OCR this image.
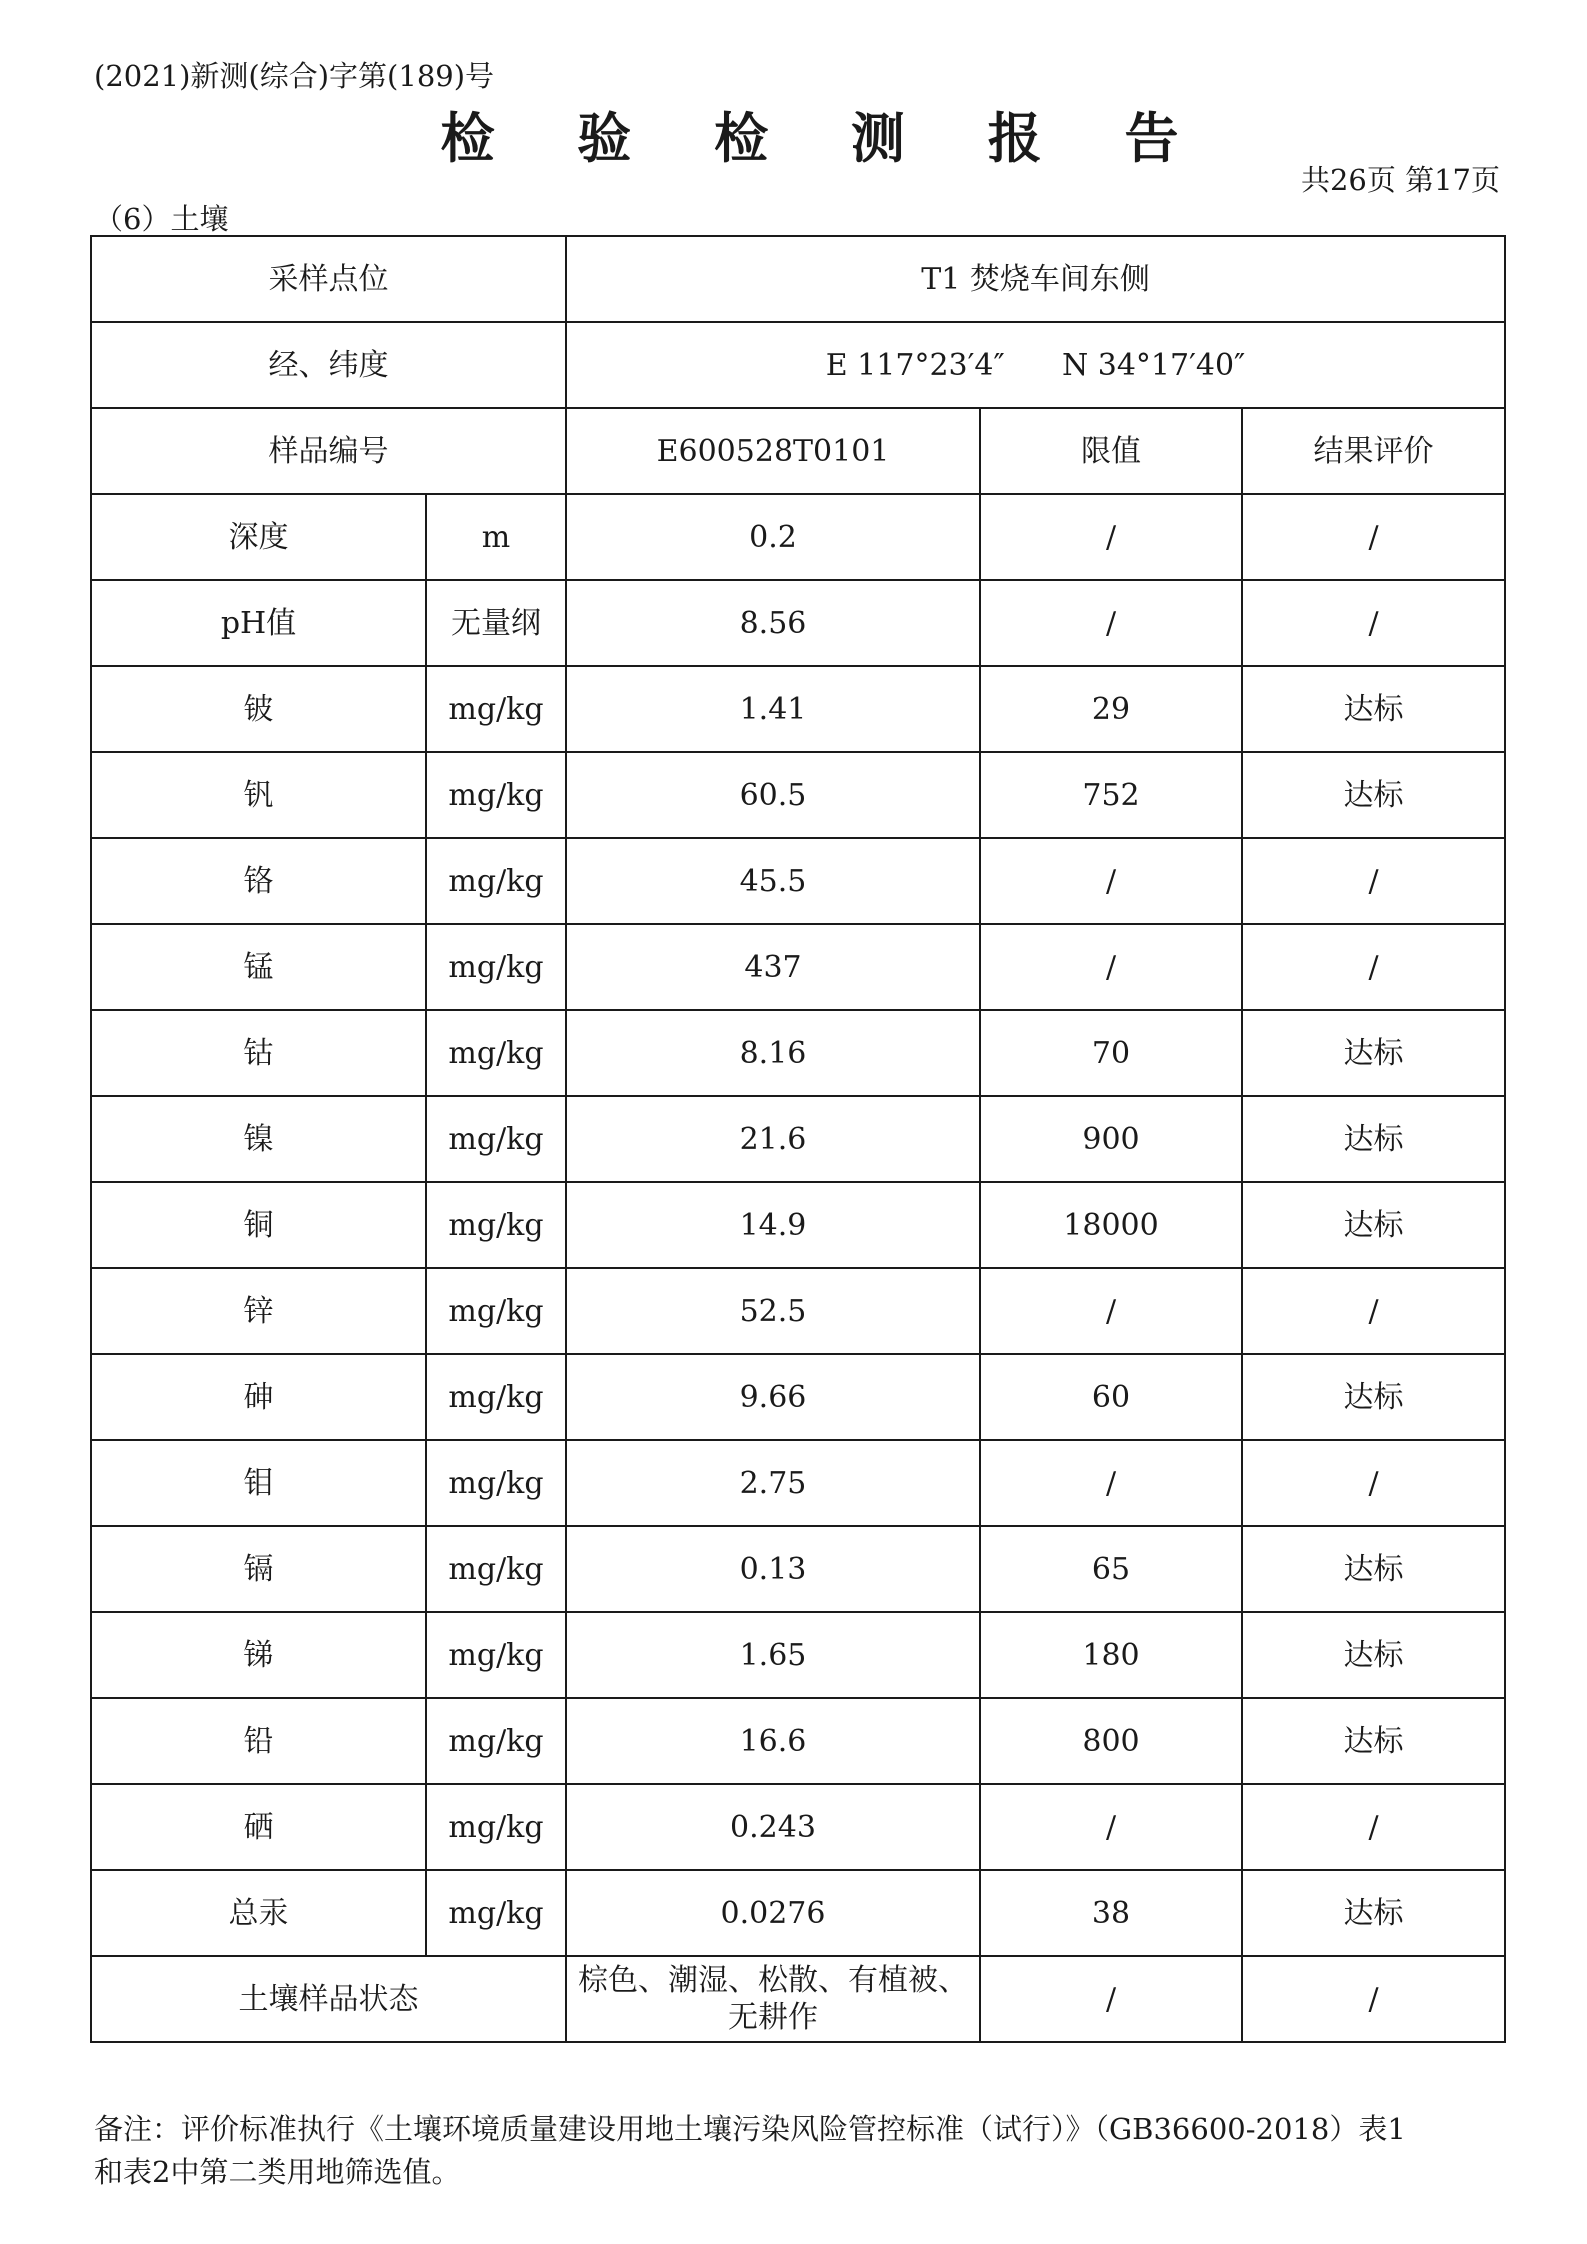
(2021)新测(综合)字第(189)号
检 验 检 测 报 告
共26页 第17页
（6）土壤
采样点位		T1 焚烧车间东侧		
经、纬度		E 117°23′4″      N 34°17′40″		
样品编号		E600528T0101	限值	结果评价
深度	m	0.2	/	/
pH值	无量纲	8.56	/	/
铍	mg/kg	1.41	29	达标
钒	mg/kg	60.5	752	达标
铬	mg/kg	45.5	/	/
锰	mg/kg	437	/	/
钴	mg/kg	8.16	70	达标
镍	mg/kg	21.6	900	达标
铜	mg/kg	14.9	18000	达标
锌	mg/kg	52.5	/	/
砷	mg/kg	9.66	60	达标
钼	mg/kg	2.75	/	/
镉	mg/kg	0.13	65	达标
锑	mg/kg	1.65	180	达标
铅	mg/kg	16.6	800	达标
硒	mg/kg	0.243	/	/
总汞	mg/kg	0.0276	38	达标
土壤样品状态		棕色、潮湿、松散、有植被、无耕作	/	/
备注：评价标准执行《土壤环境质量建设用地土壤污染风险管控标准（试行）》（GB36600-2018）表1和表2中第二类用地筛选值。
